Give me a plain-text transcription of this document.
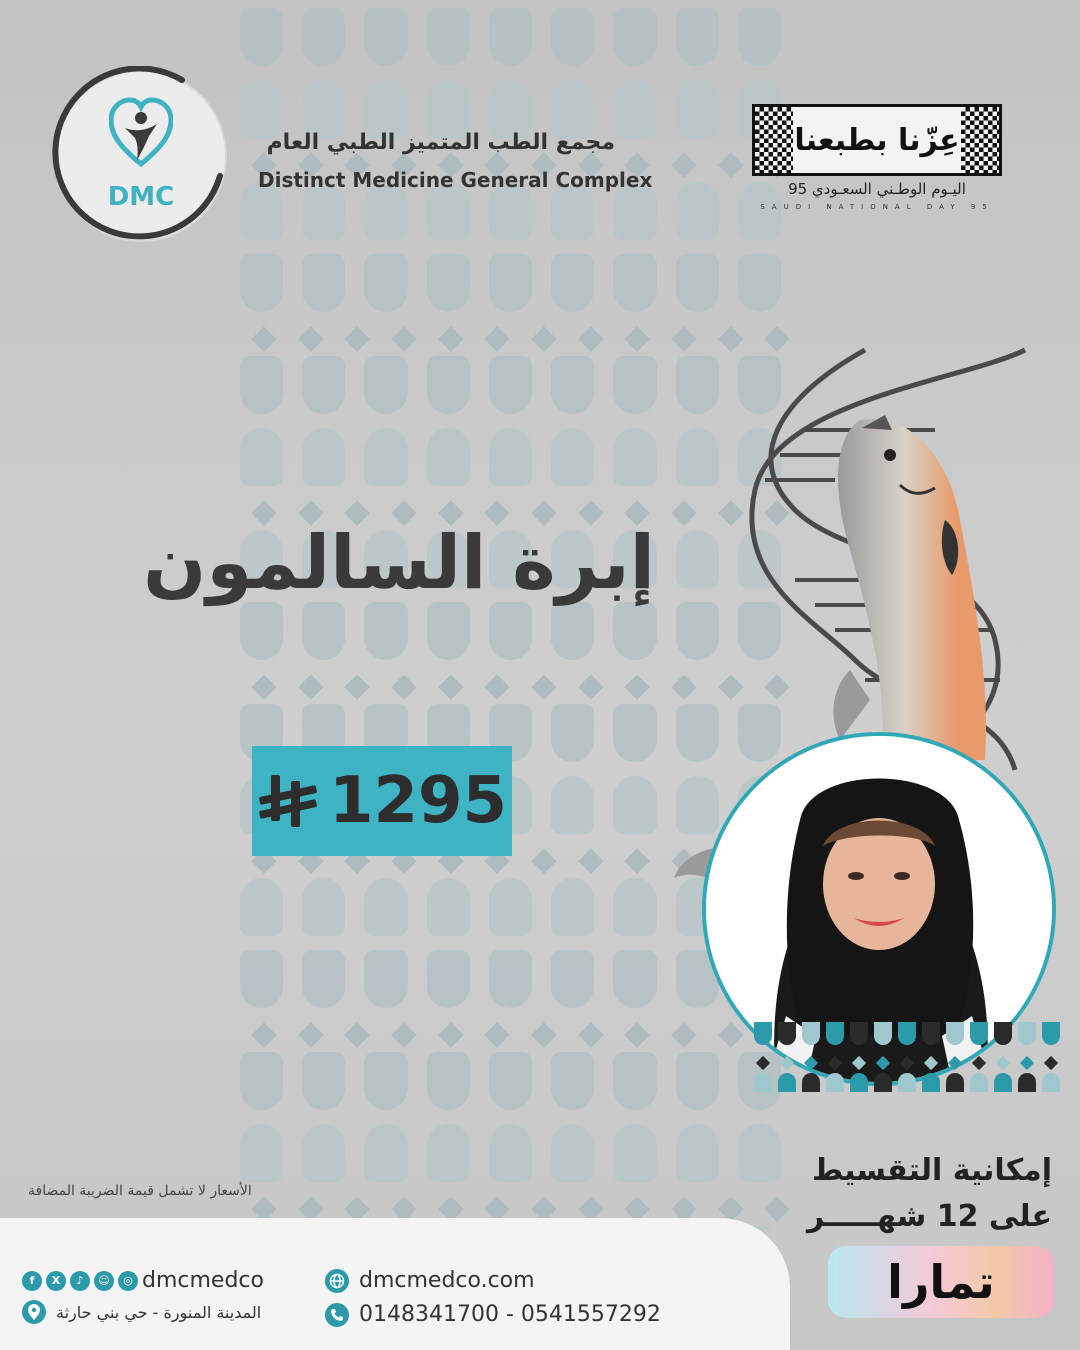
DMC
مجمع الطب المتميز الطبي العام
Distinct Medicine General Complex
عِزّنا بطبعنا
اليـوم الوطـني السعـودي 95
SAUDI NATIONAL DAY 95
إبرة السالمون
1295
الأسعار لا تشمل قيمة الضريبة المضافة
إمكانية التقسيط
على 12 شهـــــر
تمارا
dmcmedco.com
0148341700 - 0541557292
f	X	♪	☺	◎ dmcmedco
المدينة المنورة - حي بني حارثة
